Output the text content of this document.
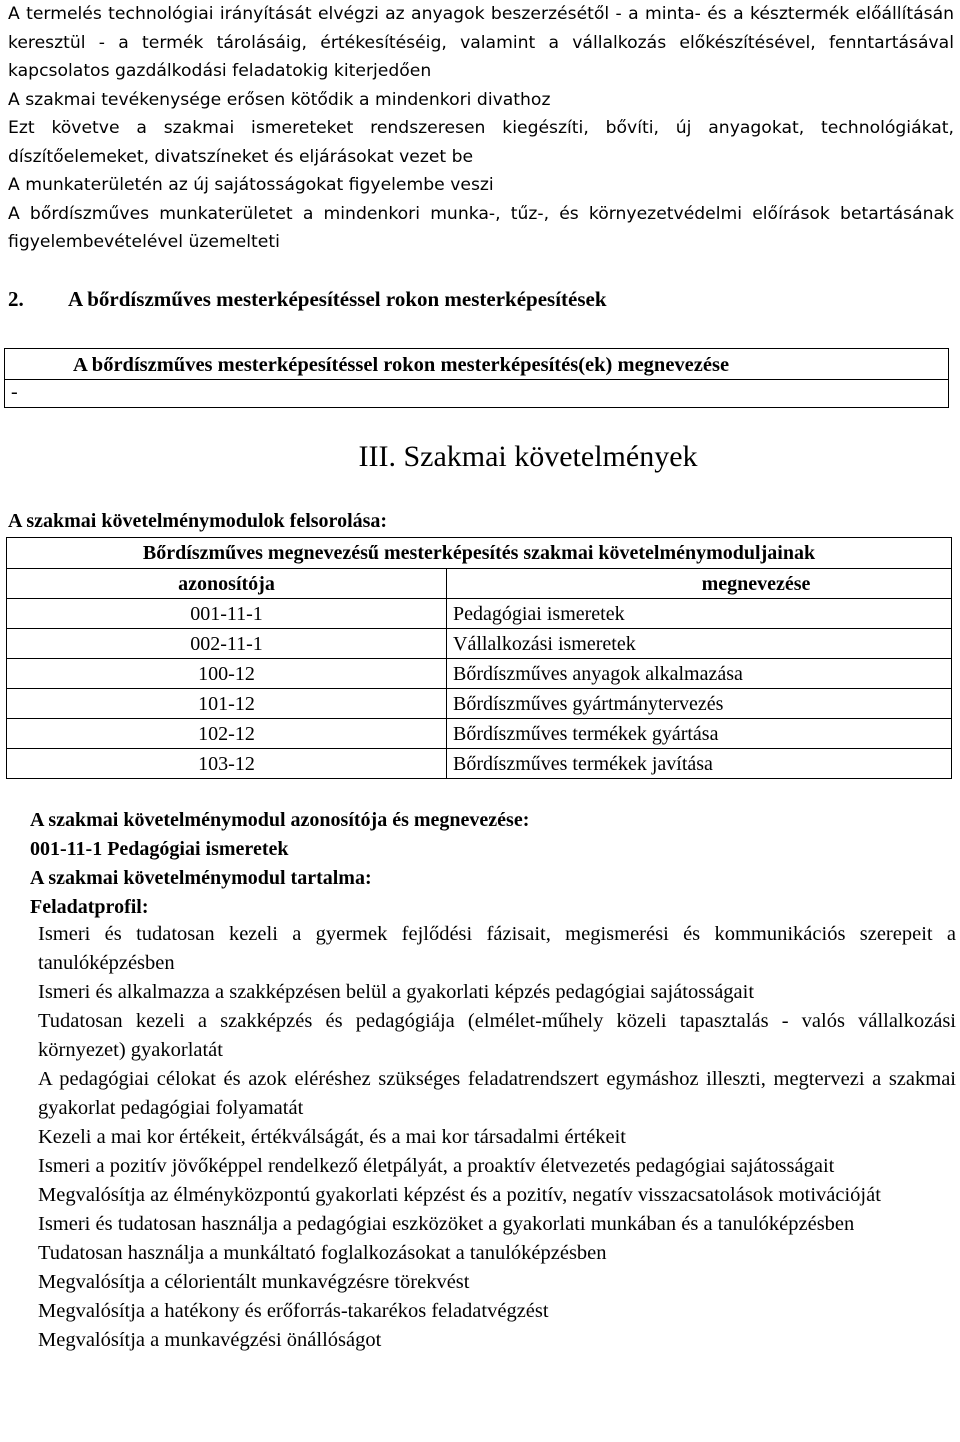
A termelés technológiai irányítását elvégzi az anyagok beszerzésétől - a minta- és a késztermék előállításán keresztül - a termék tárolásáig, értékesítéséig, valamint a vállalkozás előkészítésével, fenntartásával kapcsolatos gazdálkodási feladatokig kiterjedően

A szakmai tevékenysége erősen kötődik a mindenkori divathoz

Ezt követve a szakmai ismereteket rendszeresen kiegészíti, bővíti, új anyagokat, technológiákat, díszítőelemeket, divatszíneket és eljárásokat vezet be

A munkaterületén az új sajátosságokat figyelembe veszi

A bőrdíszműves munkaterületet a mindenkori munka-, tűz-, és környezetvédelmi előírások betartásának figyelembevételével üzemelteti

2. A bőrdíszműves mesterképesítéssel rokon mesterképesítések
A bőrdíszműves mesterképesítéssel rokon mesterképesítés(ek) megnevezése
-
III. Szakmai követelmények
A szakmai követelménymodulok felsorolása:
Bőrdíszműves megnevezésű mesterképesítés szakmai követelménymoduljainak	
azonosítója	megnevezése
001-11-1	Pedagógiai ismeretek
002-11-1	Vállalkozási ismeretek
100-12	Bőrdíszműves anyagok alkalmazása
101-12	Bőrdíszműves gyártmánytervezés
102-12	Bőrdíszműves termékek gyártása
103-12	Bőrdíszműves termékek javítása
A szakmai követelménymodul azonosítója és megnevezése:
001-11-1 Pedagógiai ismeretek
A szakmai követelménymodul tartalma:
Feladatprofil:

Ismeri és tudatosan kezeli a gyermek fejlődési fázisait, megismerési és kommunikációs szerepeit a tanulóképzésben

Ismeri és alkalmazza a szakképzésen belül a gyakorlati képzés pedagógiai sajátosságait

Tudatosan kezeli a szakképzés és pedagógiája (elmélet-műhely közeli tapasztalás - valós vállalkozási környezet) gyakorlatát

A pedagógiai célokat és azok eléréshez szükséges feladatrendszert egymáshoz illeszti, megtervezi a szakmai gyakorlat pedagógiai folyamatát

Kezeli a mai kor értékeit, értékválságát, és a mai kor társadalmi értékeit

Ismeri a pozitív jövőképpel rendelkező életpályát, a proaktív életvezetés pedagógiai sajátosságait

Megvalósítja az élményközpontú gyakorlati képzést és a pozitív, negatív visszacsatolások motivációját

Ismeri és tudatosan használja a pedagógiai eszközöket a gyakorlati munkában és a tanulóképzésben

Tudatosan használja a munkáltató foglalkozásokat a tanulóképzésben

Megvalósítja a célorientált munkavégzésre törekvést

Megvalósítja a hatékony és erőforrás-takarékos feladatvégzést

Megvalósítja a munkavégzési önállóságot
